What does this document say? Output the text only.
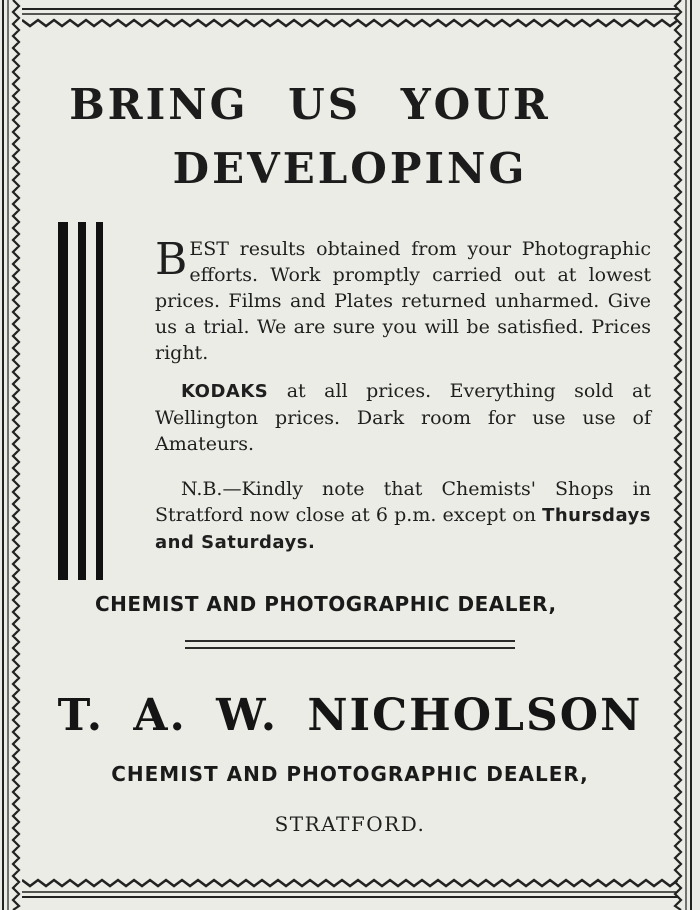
BRING US YOUR
DEVELOPING

BEST results obtained from your Photographic efforts. Work promptly carried out at lowest prices. Films and Plates returned unharmed. Give us a trial. We are sure you will be satisfied. Prices right.

KODAKS at all prices. Everything sold at Wellington prices. Dark room for use use of Amateurs.

N.B.—Kindly note that Chemists' Shops in Stratford now close at 6 p.m. except on Thursdays and Saturdays.

CHEMIST AND PHOTOGRAPHIC DEALER,

T. A. W. NICHOLSON

CHEMIST AND PHOTOGRAPHIC DEALER,

STRATFORD.
